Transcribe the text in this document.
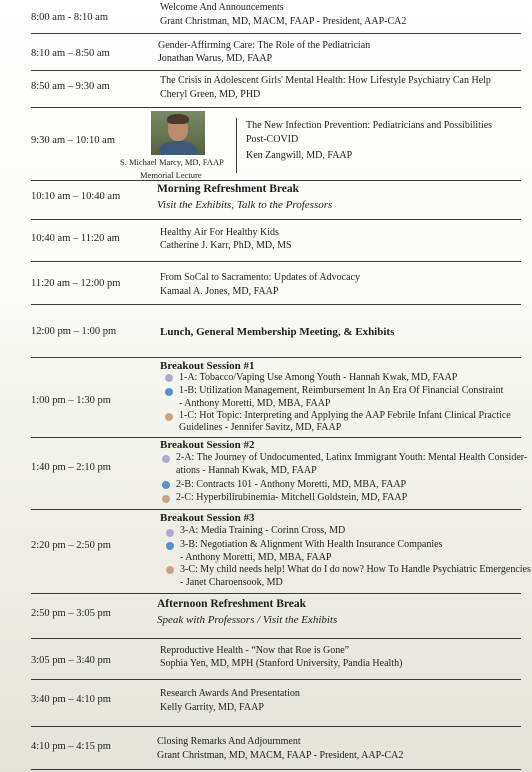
8:00 am - 8:10 am
Welcome And Announcements
Grant Christman, MD, MACM, FAAP - President, AAP-CA2
8:10 am – 8:50 am
Gender-Affirming Care: The Role of the Pediatrician
Jonathan Warus, MD, FAAP
8:50 am – 9:30 am
The Crisis in Adolescent Girls' Mental Health: How Lifestyle Psychiatry Can Help
Cheryl Green, MD, PHD
9:30 am – 10:10 am
S. Michael Marcy, MD, FAAP
Memorial Lecture
The New Infection Prevention: Pediatricians and Possibilities
Post-COVID
Ken Zangwill, MD, FAAP
10:10 am – 10:40 am
Morning Refreshment Break
Visit the Exhibits, Talk to the Professors
10:40 am – 11:20 am
Healthy Air For Healthy Kids
Catherine J. Karr, PhD, MD, MS
11:20 am – 12:00 pm
From SoCal to Sacramento: Updates of Advocacy
Kamaal A. Jones, MD, FAAP
12:00 pm – 1:00 pm	Lunch, General Membership Meeting, & Exhibits
1:00 pm – 1:30 pm
Breakout Session #1
1-A: Tobacco/Vaping Use Among Youth - Hannah Kwak, MD, FAAP
1-B: Utilization Management, Reimbursement In An Era Of Financial Constraint
- Anthony Moretti, MD, MBA, FAAP
1-C: Hot Topic: Interpreting and Applying the AAP Febrile Infant Clinical Practice
Guidelines - Jennifer Savitz, MD, FAAP
1:40 pm – 2:10 pm
Breakout Session #2
2-A: The Journey of Undocumented, Latinx Immigrant Youth: Mental Health Consider-
ations - Hannah Kwak, MD, FAAP
2-B: Contracts 101 - Anthony Moretti, MD, MBA, FAAP
2-C: Hyperbilirubinemia- Mitchell Goldstein, MD, FAAP
2:20 pm – 2:50 pm
Breakout Session #3
3-A: Media Training - Corinn Cross, MD
3-B: Negotiation & Alignment With Health Insurance Companies
- Anthony Moretti, MD, MBA, FAAP
3-C: My child needs help! What do I do now? How To Handle Psychiatric Emergencies
- Janet Charoensook, MD
2:50 pm – 3:05 pm
Afternoon Refreshment Break
Speak with Professors / Visit the Exhibits
3:05 pm – 3:40 pm
Reproductive Health - “Now that Roe is Gone”
Sophia Yen, MD, MPH (Stanford University, Pandia Health)
3:40 pm – 4:10 pm
Research Awards And Presentation
Kelly Garrity, MD, FAAP
4:10 pm – 4:15 pm	Closing Remarks And Adjournment
Grant Christman, MD, MACM, FAAP - President, AAP-CA2
